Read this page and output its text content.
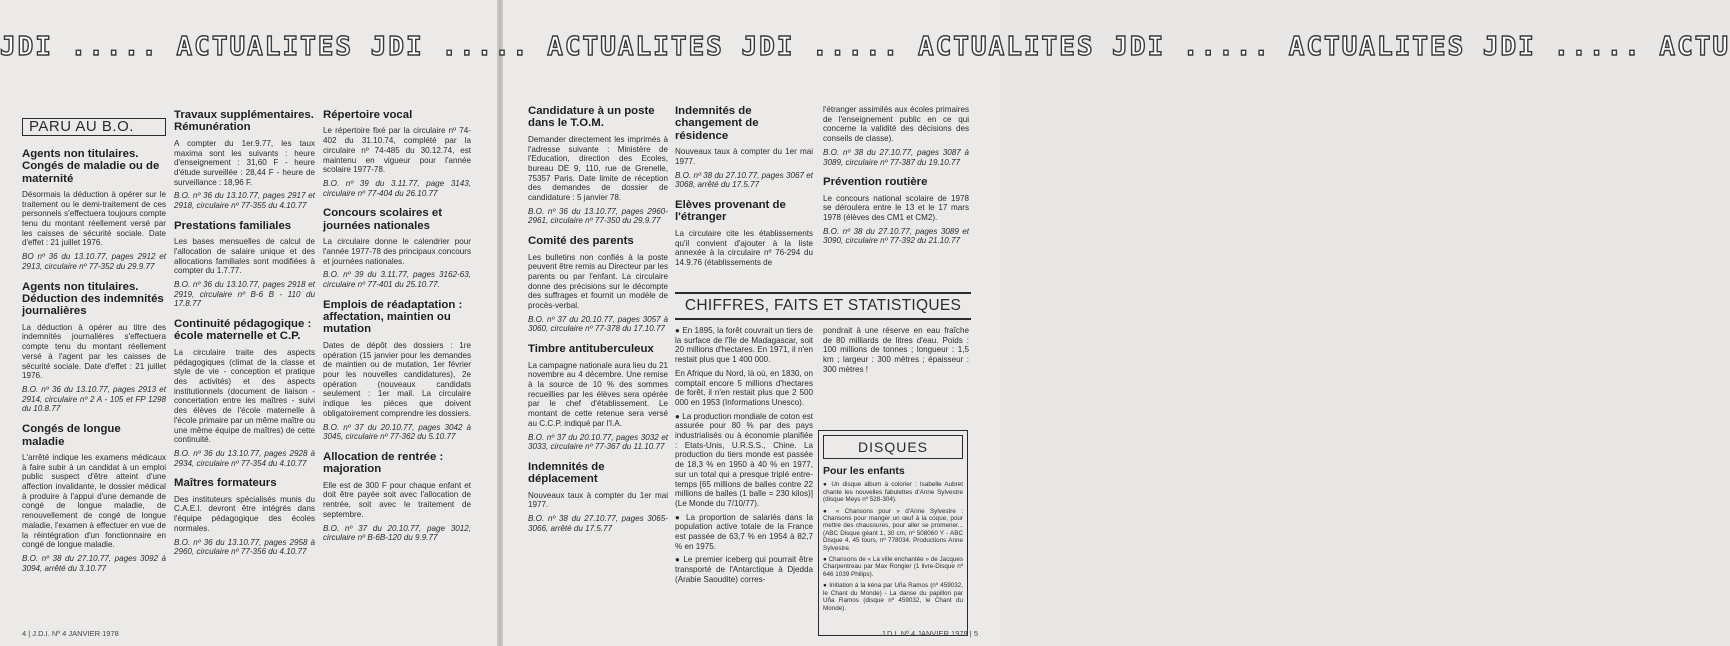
PARU AU B.O.
Agents non titulaires. Congés de maladie ou de maternité

Désormais la déduction à opérer sur le traitement ou le demi-traitement de ces personnels s'effectuera toujours compte tenu du montant réellement versé par les caisses de sécurité sociale. Date d'effet : 21 juillet 1976.

BO nº 36 du 13.10.77, pages 2912 et 2913, circulaire nº 77-352 du 29.9.77

Agents non titulaires. Déduction des indemnités journalières

La déduction à opérer au titre des indemnités journalières s'effectuera compte tenu du montant réellement versé à l'agent par les caisses de sécurité sociale. Date d'effet : 21 juillet 1976.

B.O. nº 36 du 13.10.77, pages 2913 et 2914, circulaire nº 2 A - 105 et FP 1298 du 10.8.77

Congés de longue maladie

L'arrêté indique les examens médicaux à faire subir à un candidat à un emploi public suspect d'être atteint d'une affection invalidante, le dossier médical à produire à l'appui d'une demande de congé de longue maladie, de renouvellement de congé de longue maladie, l'examen à effectuer en vue de la réintégration d'un fonctionnaire en congé de longue maladie.

B.O. nº 38 du 27.10.77, pages 3092 à 3094, arrêté du 3.10.77

Travaux supplémentaires. Rémunération

A compter du 1er.9.77, les taux maxima sont les suivants : heure d'enseignement : 31,60 F - heure d'étude surveillée : 28,44 F - heure de surveillance : 18,96 F.

B.O. nº 36 du 13.10.77, pages 2917 et 2918, circulaire nº 77-355 du 4.10.77

Prestations familiales

Les bases mensuelles de calcul de l'allocation de salaire unique et des allocations familiales sont modifiées à compter du 1.7.77.

B.O. nº 36 du 13.10.77, pages 2918 et 2919, circulaire nº B-6 B - 110 du 17.8.77

Continuité pédagogique : école maternelle et C.P.

La circulaire traite des aspects pédagogiques (climat de la classe et style de vie - conception et pratique des activités) et des aspects institutionnels (document de liaison - concertation entre les maîtres - suivi des élèves de l'école maternelle à l'école primaire par un même maître ou une même équipe de maîtres) de cette continuité.

B.O. nº 36 du 13.10.77, pages 2928 à 2934, circulaire nº 77-354 du 4.10.77

Maîtres formateurs

Des instituteurs spécialisés munis du C.A.E.I. devront être intégrés dans l'équipe pédagogique des écoles normales.

B.O. nº 36 du 13.10.77, pages 2958 à 2960, circulaire nº 77-356 du 4.10.77

Répertoire vocal

Le répertoire fixé par la circulaire nº 74-402 du 31.10.74, complété par la circulaire nº 74-485 du 30.12.74, est maintenu en vigueur pour l'année scolaire 1977-78.

B.O. nº 39 du 3.11.77, page 3143, circulaire nº 77-404 du 26.10.77

Concours scolaires et journées nationales

La circulaire donne le calendrier pour l'année 1977-78 des principaux concours et journées nationales.

B.O. nº 39 du 3.11.77, pages 3162-63, circulaire nº 77-401 du 25.10.77.

Emplois de réadaptation : affectation, maintien ou mutation

Dates de dépôt des dossiers : 1re opération (15 janvier pour les demandes de maintien ou de mutation, 1er février pour les nouvelles candidatures), 2e opération (nouveaux candidats seulement : 1er mail. La circulaire indique les pièces que doivent obligatoirement comprendre les dossiers.

B.O. nº 37 du 20.10.77, pages 3042 à 3045, circulaire nº 77-362 du 5.10.77

Allocation de rentrée : majoration

Elle est de 300 F pour chaque enfant et doit être payée soit avec l'allocation de rentrée, soit avec le traitement de septembre.

B.O. nº 37 du 20.10.77, page 3012, circulaire nº B-6B-120 du 9.9.77

4 | J.D.I. Nº 4 JANVIER 1978
Candidature à un poste dans le T.O.M.

Demander directement les imprimés à l'adresse suivante : Ministère de l'Education, direction des Ecoles, bureau DE 9, 110, rue de Grenelle, 75357 Paris. Date limite de réception des demandes de dossier de candidature : 5 janvier 78.

B.O. nº 36 du 13.10.77, pages 2960-2961, circulaire nº 77-350 du 29.9.77

Comité des parents

Les bulletins non confiés à la poste peuvent être remis au Directeur par les parents ou par l'enfant. La circulaire donne des précisions sur le décompte des suffrages et fournit un modèle de procès-verbal.

B.O. nº 37 du 20.10.77, pages 3057 à 3060, circulaire nº 77-378 du 17.10.77

Timbre antituberculeux

La campagne nationale aura lieu du 21 novembre au 4 décembre. Une remise à la source de 10 % des sommes recueillies par les élèves sera opérée par le chef d'établissement. Le montant de cette retenue sera versé au C.C.P. indiqué par l'I.A.

B.O. nº 37 du 20.10.77, pages 3032 et 3033, circulaire nº 77-367 du 11.10.77

Indemnités de déplacement

Nouveaux taux à compter du 1er mai 1977.

B.O. nº 38 du 27.10.77, pages 3065-3066, arrêté du 17.5.77

Indemnités de changement de résidence

Nouveaux taux à compter du 1er mai 1977.

B.O. nº 38 du 27.10.77, pages 3067 et 3068, arrêté du 17.5.77

Elèves provenant de l'étranger

La circulaire cite les établissements qu'il convient d'ajouter à la liste annexée à la circulaire nº 76-294 du 14.9.76 (établissements de

l'étranger assimilés aux écoles primaires de l'enseignement public en ce qui concerne la validité des décisions des conseils de classe).

B.O. nº 38 du 27.10.77, pages 3087 à 3089, circulaire nº 77-387 du 19.10.77

Prévention routière

Le concours national scolaire de 1978 se déroulera entre le 13 et le 17 mars 1978 (élèves des CM1 et CM2).

B.O. nº 38 du 27.10.77, pages 3089 et 3090, circulaire nº 77-392 du 21.10.77

CHIFFRES, FAITS ET STATISTIQUES

● En 1895, la forêt couvrait un tiers de la surface de l'île de Madagascar, soit 20 millions d'hectares. En 1971, il n'en restait plus que 1 400 000.

En Afrique du Nord, là où, en 1830, on comptait encore 5 millions d'hectares de forêt, il n'en restait plus que 2 500 000 en 1953 (Informations Unesco).

● La production mondiale de coton est assurée pour 80 % par des pays industrialisés ou à économie planifiée : Etats-Unis, U.R.S.S., Chine. La production du tiers monde est passée de 18,3 % en 1950 à 40 % en 1977, sur un total qui a presque triplé entre-temps [65 millions de balles contre 22 millions de balles (1 balle = 230 kilos)] (Le Monde du 7/10/77).

● La proportion de salariés dans la population active totale de la France est passée de 63,7 % en 1954 à 82,7 % en 1975.

● Le premier iceberg qui pourrait être transporté de l'Antarctique à Djedda (Arabie Saoudite) corres-

pondrait à une réserve en eau fraîche de 80 milliards de litres d'eau. Poids : 100 millions de tonnes ; longueur : 1,5 km ; largeur : 300 mètres ; épaisseur : 300 mètres !

DISQUES
Pour les enfants

● Un disque album à colorier : Isabelle Aubret chante les nouvelles fabulettes d'Anne Sylvestre (disque Meys nº 528-304).

● « Chansons pour » d'Anne Sylvestre : Chansons pour manger un œuf à la coque, pour mettre des chaussures, pour aller se promener... (ABC Disque géant 1, 30 cm, nº 508060 Y - ABC Disque 4, 45 tours, nº 778034. Productions Anne Sylvestre.

● Chansons de « La ville enchantée » de Jacques Charpentreau par Max Rongier (1 livre-Disque nº 646 1039 Philips).

● Initiation à la kéna par Uña Ramos (nº 459032, le Chant du Monde) - La danse du papillon par Uña Ramos (disque nº 459032, le Chant du Monde).

J.D.I. Nº 4 JANVIER 1978 | 5
JDI ..... ACTUALITES JDI ..... ACTUALITES JDI ..... ACTUALITES JDI ..... ACTUALITES JDI ..... ACTU
